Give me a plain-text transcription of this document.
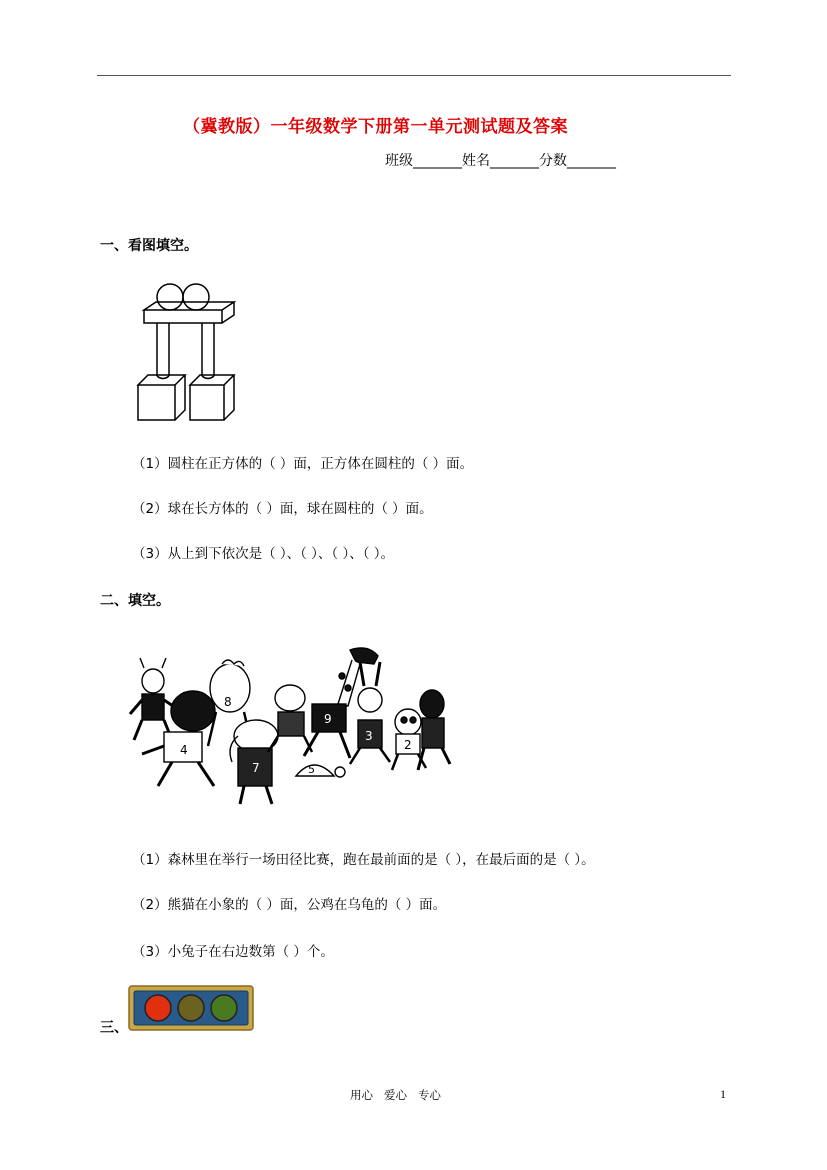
（冀教版）一年级数学下册第一单元测试题及答案
班级_______姓名_______分数_______
一、看图填空。
（1）圆柱在正方体的（ ）面，正方体在圆柱的（ ）面。
（2）球在长方体的（ ）面，球在圆柱的（ ）面。
（3）从上到下依次是（ ）、（ ）、（ ）、（ ）。
二、填空。
8
4
7
9
5
3
2
（1）森林里在举行一场田径比赛，跑在最前面的是（ ），在最后面的是（ ）。
（2）熊猫在小象的（ ）面，公鸡在乌龟的（ ）面。
（3）小兔子在右边数第（ ）个。
三、
用心   爱心   专心	1
